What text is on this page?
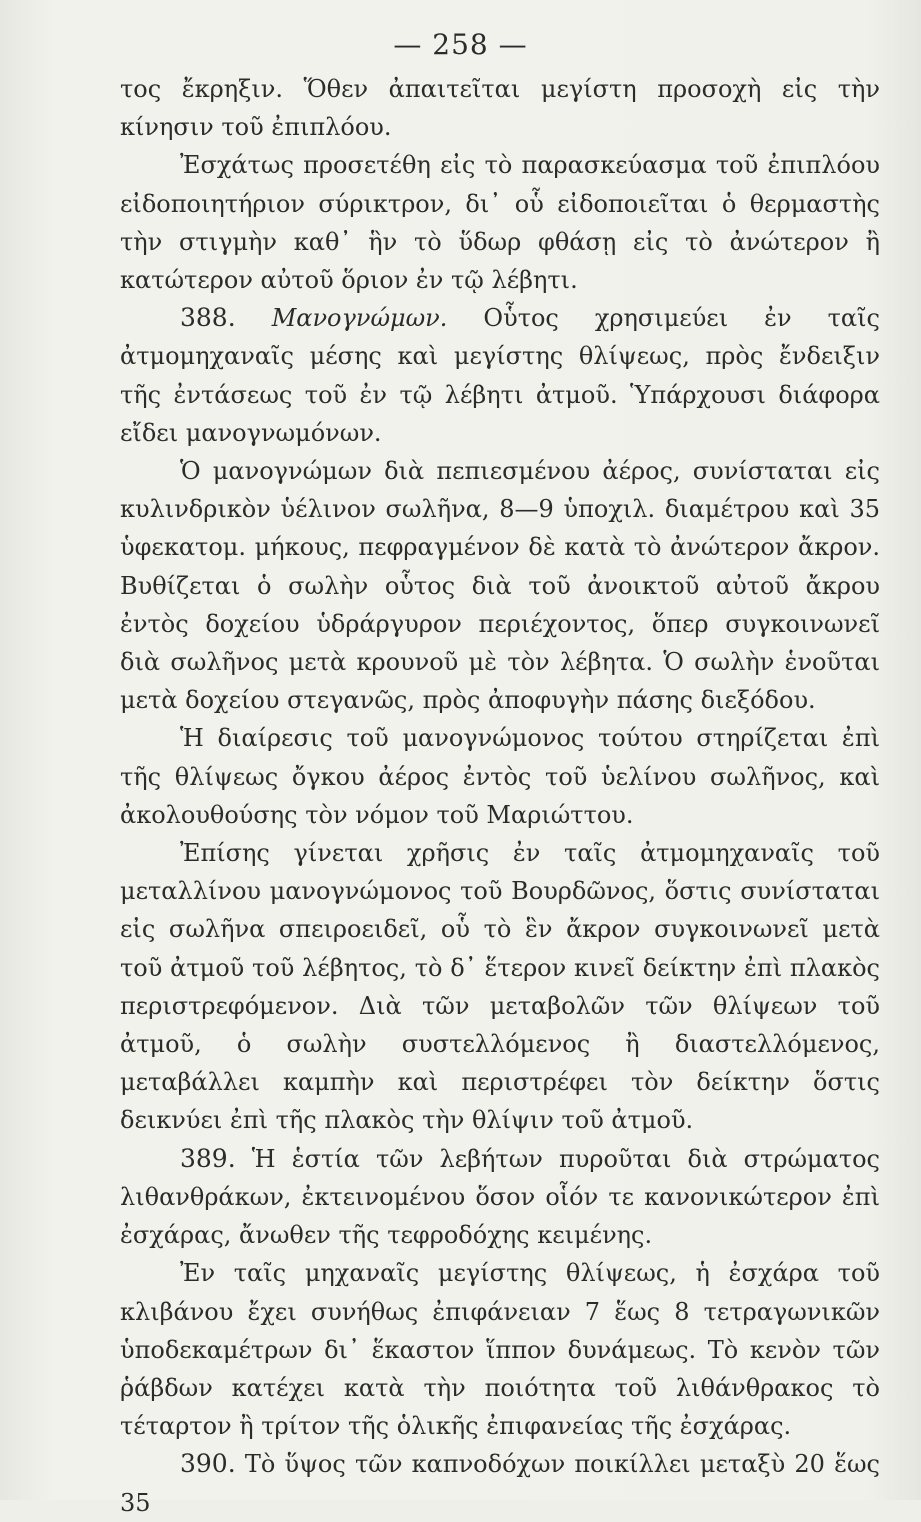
— 258 —

τος ἔκρηξιν. Ὅθεν ἀπαιτεῖται μεγίστη προσοχὴ εἰς τὴν κίνησιν τοῦ ἐπιπλόου.

Ἐσχάτως προσετέθη εἰς τὸ παρασκεύασμα τοῦ ἐπιπλόου εἰδοποιητήριον σύρικτρον, δι᾿ οὗ εἰδοποιεῖται ὁ θερμαστὴς τὴν στιγμὴν καθ᾿ ἣν τὸ ὕδωρ φθάσῃ εἰς τὸ ἀνώτερον ἢ κατώτερον αὐτοῦ ὅριον ἐν τῷ λέβητι.

388. Μανογνώμων. Οὗτος χρησιμεύει ἐν ταῖς ἀτμομηχαναῖς μέσης καὶ μεγίστης θλίψεως, πρὸς ἔνδειξιν τῆς ἐντάσεως τοῦ ἐν τῷ λέβητι ἀτμοῦ. Ὑπάρχουσι διάφορα εἴδει μανογνωμόνων.

Ὁ μανογνώμων διὰ πεπιεσμένου ἀέρος, συνίσταται εἰς κυλινδρικὸν ὑέλινον σωλῆνα, 8—9 ὑποχιλ. διαμέτρου καὶ 35 ὑφεκατομ. μήκους, πεφραγμένον δὲ κατὰ τὸ ἀνώτερον ἄκρον. Βυθίζεται ὁ σωλὴν οὗτος διὰ τοῦ ἀνοικτοῦ αὐτοῦ ἄκρου ἐντὸς δοχείου ὑδράργυρον περιέχοντος, ὅπερ συγκοινωνεῖ διὰ σωλῆνος μετὰ κρουνοῦ μὲ τὸν λέβητα. Ὁ σωλὴν ἑνοῦται μετὰ δοχείου στεγανῶς, πρὸς ἀποφυγὴν πάσης διεξόδου.

Ἡ διαίρεσις τοῦ μανογνώμονος τούτου στηρίζεται ἐπὶ τῆς θλίψεως ὄγκου ἀέρος ἐντὸς τοῦ ὑελίνου σωλῆνος, καὶ ἀκολουθούσης τὸν νόμον τοῦ Μαριώττου.

Ἐπίσης γίνεται χρῆσις ἐν ταῖς ἀτμομηχαναῖς τοῦ μεταλλίνου μανογνώμονος τοῦ Βουρδῶνος, ὅστις συνίσταται εἰς σωλῆνα σπειροειδεῖ, οὗ τὸ ἓν ἄκρον συγκοινωνεῖ μετὰ τοῦ ἀτμοῦ τοῦ λέβητος, τὸ δ᾿ ἕτερον κινεῖ δείκτην ἐπὶ πλακὸς περιστρεφόμενον. Διὰ τῶν μεταβολῶν τῶν θλίψεων τοῦ ἀτμοῦ, ὁ σωλὴν συστελλόμενος ἢ διαστελλόμενος, μεταβάλλει καμπὴν καὶ περιστρέφει τὸν δείκτην ὅστις δεικνύει ἐπὶ τῆς πλακὸς τὴν θλίψιν τοῦ ἀτμοῦ.

389. Ἡ ἑστία τῶν λεβήτων πυροῦται διὰ στρώματος λιθανθράκων, ἐκτεινομένου ὅσον οἷόν τε κανονικώτερον ἐπὶ ἐσχάρας, ἄνωθεν τῆς τεφροδόχης κειμένης.

Ἐν ταῖς μηχαναῖς μεγίστης θλίψεως, ἡ ἐσχάρα τοῦ κλιβάνου ἔχει συνήθως ἐπιφάνειαν 7 ἕως 8 τετραγωνικῶν ὑποδεκαμέτρων δι᾿ ἕκαστον ἵππον δυνάμεως. Τὸ κενὸν τῶν ῥάβδων κατέχει κατὰ τὴν ποιότητα τοῦ λιθάνθρακος τὸ τέταρτον ἢ τρίτον τῆς ὁλικῆς ἐπιφανείας τῆς ἐσχάρας.

390. Τὸ ὕψος τῶν καπνοδόχων ποικίλλει μεταξὺ 20 ἕως 35
